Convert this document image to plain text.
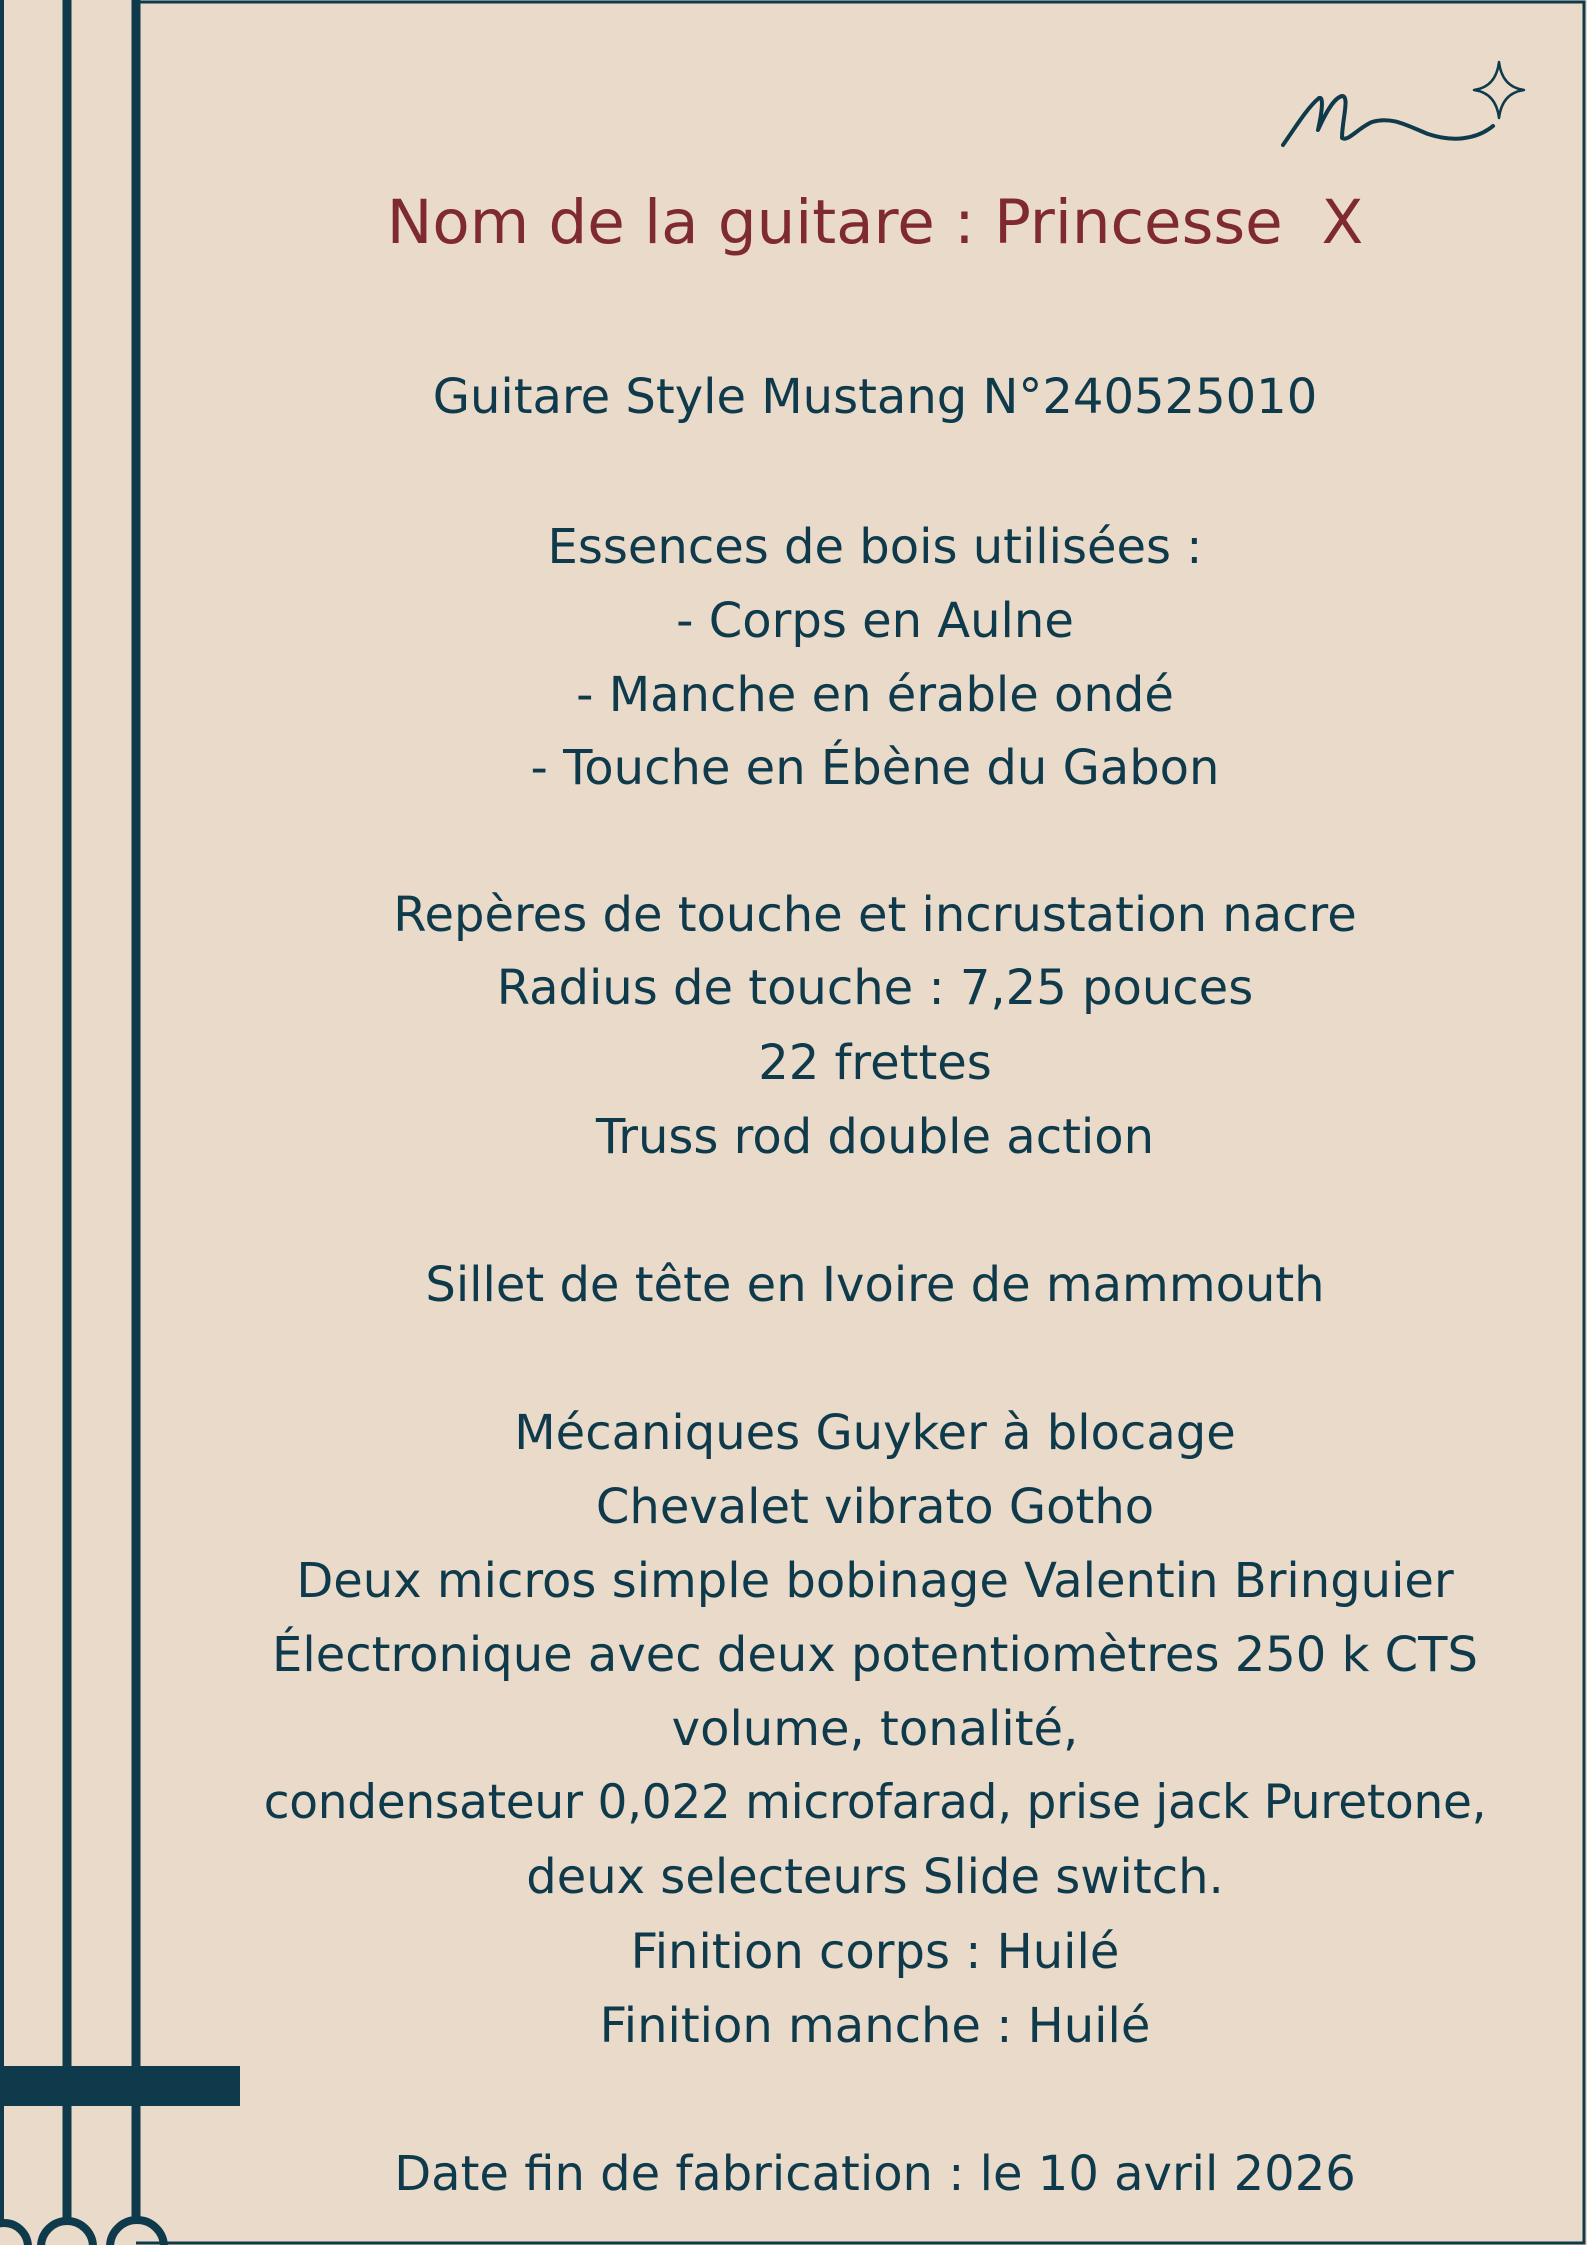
Nom de la guitare : Princesse  X
Guitare Style Mustang N°240525010
Essences de bois utilisées :
- Corps en Aulne
- Manche en érable ondé
- Touche en Ébène du Gabon
Repères de touche et incrustation nacre
Radius de touche : 7,25 pouces
22 frettes
Truss rod double action
Sillet de tête en Ivoire de mammouth
Mécaniques Guyker à blocage
Chevalet vibrato Gotho
Deux micros simple bobinage Valentin Bringuier
Électronique avec deux potentiomètres 250 k CTS
volume, tonalité,
condensateur 0,022 microfarad, prise jack Puretone,
deux selecteurs Slide switch.
Finition corps : Huilé
Finition manche : Huilé
Date fin de fabrication : le 10 avril 2026
